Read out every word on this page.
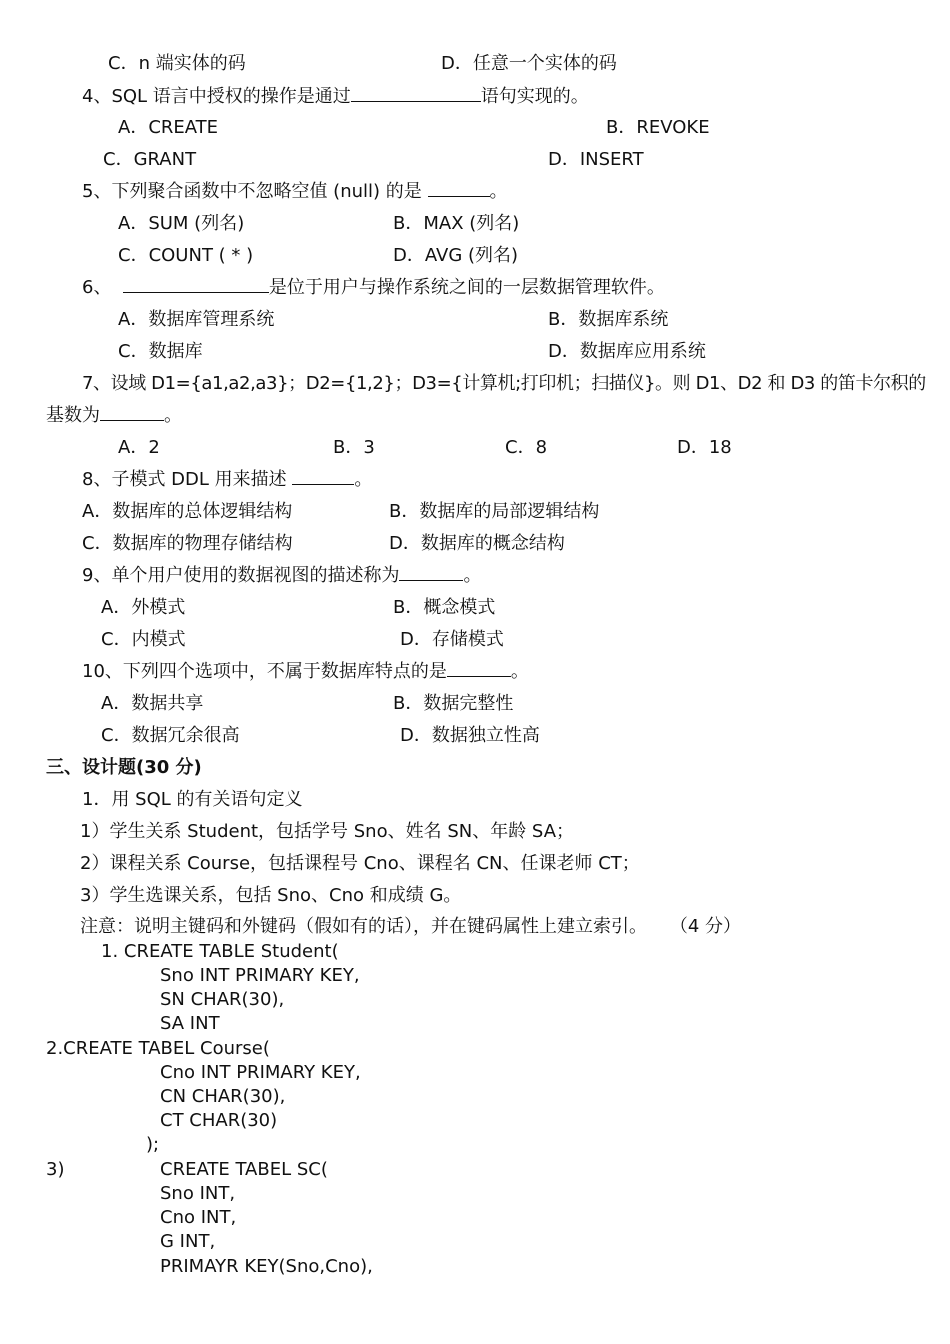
C．n 端实体的码	D．任意一个实体的码
4、SQL 语言中授权的操作是通过	语句实现的。
A．CREATE	B．REVOKE
C．GRANT	D．INSERT
5、下列聚合函数中不忽略空值 (null) 的是	。
A．SUM (列名)	B．MAX (列名)
C．COUNT ( * )	D．AVG (列名)
6、	是位于用户与操作系统之间的一层数据管理软件。
A．数据库管理系统	B．数据库系统
C．数据库	D．数据库应用系统
7、设域 D1={a1,a2,a3}；D2={1,2}；D3={计算机;打印机；扫描仪}。则 D1、D2 和 D3 的笛卡尔积的
基数为	。
A．2	B．3	C．8	D．18
8、子模式 DDL 用来描述	。
A．数据库的总体逻辑结构	B．数据库的局部逻辑结构
C．数据库的物理存储结构	D．数据库的概念结构
9、单个用户使用的数据视图的描述称为	。
A．外模式	B．概念模式
C．内模式	D．存储模式
10、下列四个选项中，不属于数据库特点的是	。
A．数据共享	B．数据完整性
C．数据冗余很高	D．数据独立性高
三、设计题(30 分)
1．用 SQL 的有关语句定义
1）学生关系 Student，包括学号 Sno、姓名 SN、年龄 SA；
2）课程关系 Course，包括课程号 Cno、课程名 CN、任课老师 CT；
3）学生选课关系，包括 Sno、Cno 和成绩 G。
注意：说明主键码和外键码（假如有的话），并在键码属性上建立索引。    （4 分）
1. CREATE TABLE Student(
Sno INT PRIMARY KEY,
SN CHAR(30),
SA INT
2.CREATE TABEL Course(
Cno INT PRIMARY KEY,
CN CHAR(30),
CT CHAR(30)
);
3)	CREATE TABEL SC(
Sno INT,
Cno INT,
G INT,
PRIMAYR KEY(Sno,Cno),
